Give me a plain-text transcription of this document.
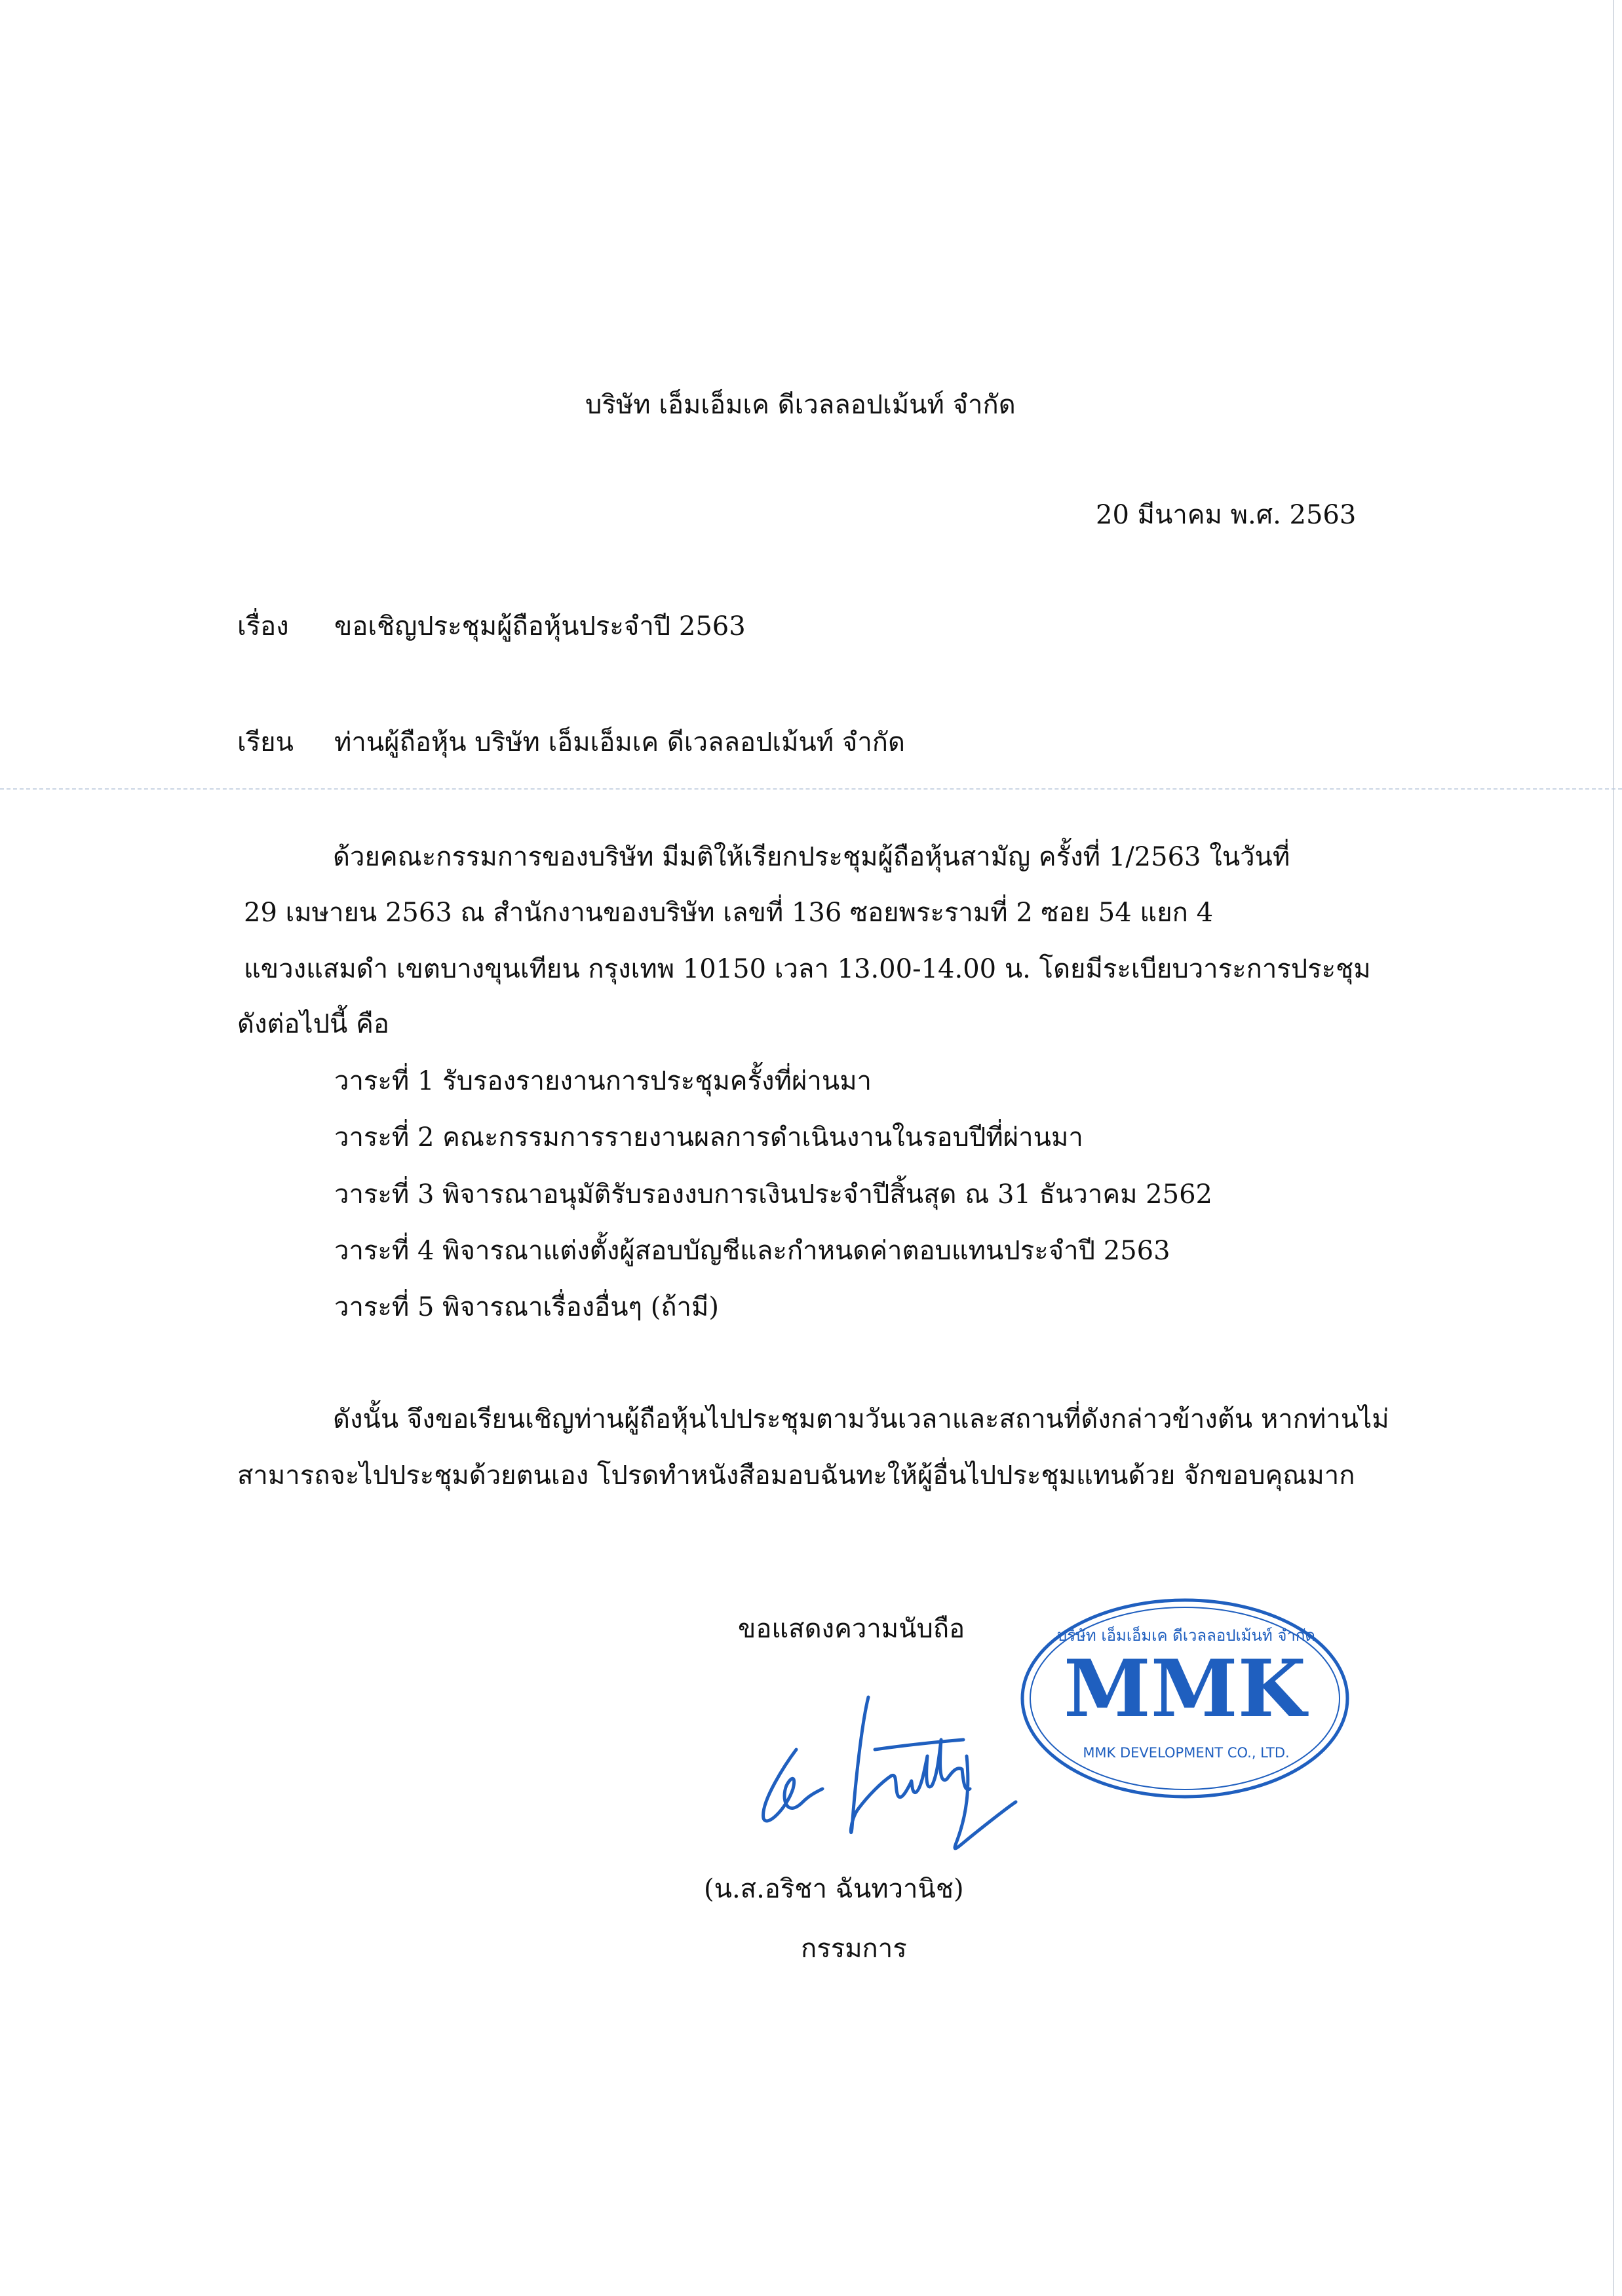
บริษัท เอ็มเอ็มเค ดีเวลลอปเม้นท์ จำกัด
20 มีนาคม พ.ศ. 2563
เรื่อง ขอเชิญประชุมผู้ถือหุ้นประจำปี 2563
เรียน ท่านผู้ถือหุ้น บริษัท เอ็มเอ็มเค ดีเวลลอปเม้นท์ จำกัด
ด้วยคณะกรรมการของบริษัท มีมติให้เรียกประชุมผู้ถือหุ้นสามัญ ครั้งที่ 1/2563 ในวันที่
29 เมษายน 2563 ณ สำนักงานของบริษัท เลขที่ 136 ซอยพระรามที่ 2 ซอย 54 แยก 4
แขวงแสมดำ เขตบางขุนเทียน กรุงเทพ 10150 เวลา 13.00-14.00 น. โดยมีระเบียบวาระการประชุม
ดังต่อไปนี้ คือ
วาระที่ 1 รับรองรายงานการประชุมครั้งที่ผ่านมา
วาระที่ 2 คณะกรรมการรายงานผลการดำเนินงานในรอบปีที่ผ่านมา
วาระที่ 3 พิจารณาอนุมัติรับรองงบการเงินประจำปีสิ้นสุด ณ 31 ธันวาคม 2562
วาระที่ 4 พิจารณาแต่งตั้งผู้สอบบัญชีและกำหนดค่าตอบแทนประจำปี 2563
วาระที่ 5 พิจารณาเรื่องอื่นๆ (ถ้ามี)
ดังนั้น จึงขอเรียนเชิญท่านผู้ถือหุ้นไปประชุมตามวันเวลาและสถานที่ดังกล่าวข้างต้น หากท่านไม่
สามารถจะไปประชุมด้วยตนเอง โปรดทำหนังสือมอบฉันทะให้ผู้อื่นไปประชุมแทนด้วย จักขอบคุณมาก
ขอแสดงความนับถือ	บริษัท เอ็มเอ็มเค ดีเวลลอปเม้นท์ จำกัด
MMK
MMK DEVELOPMENT CO., LTD.
(น.ส.อริชา ฉันทวานิช)
กรรมการ
